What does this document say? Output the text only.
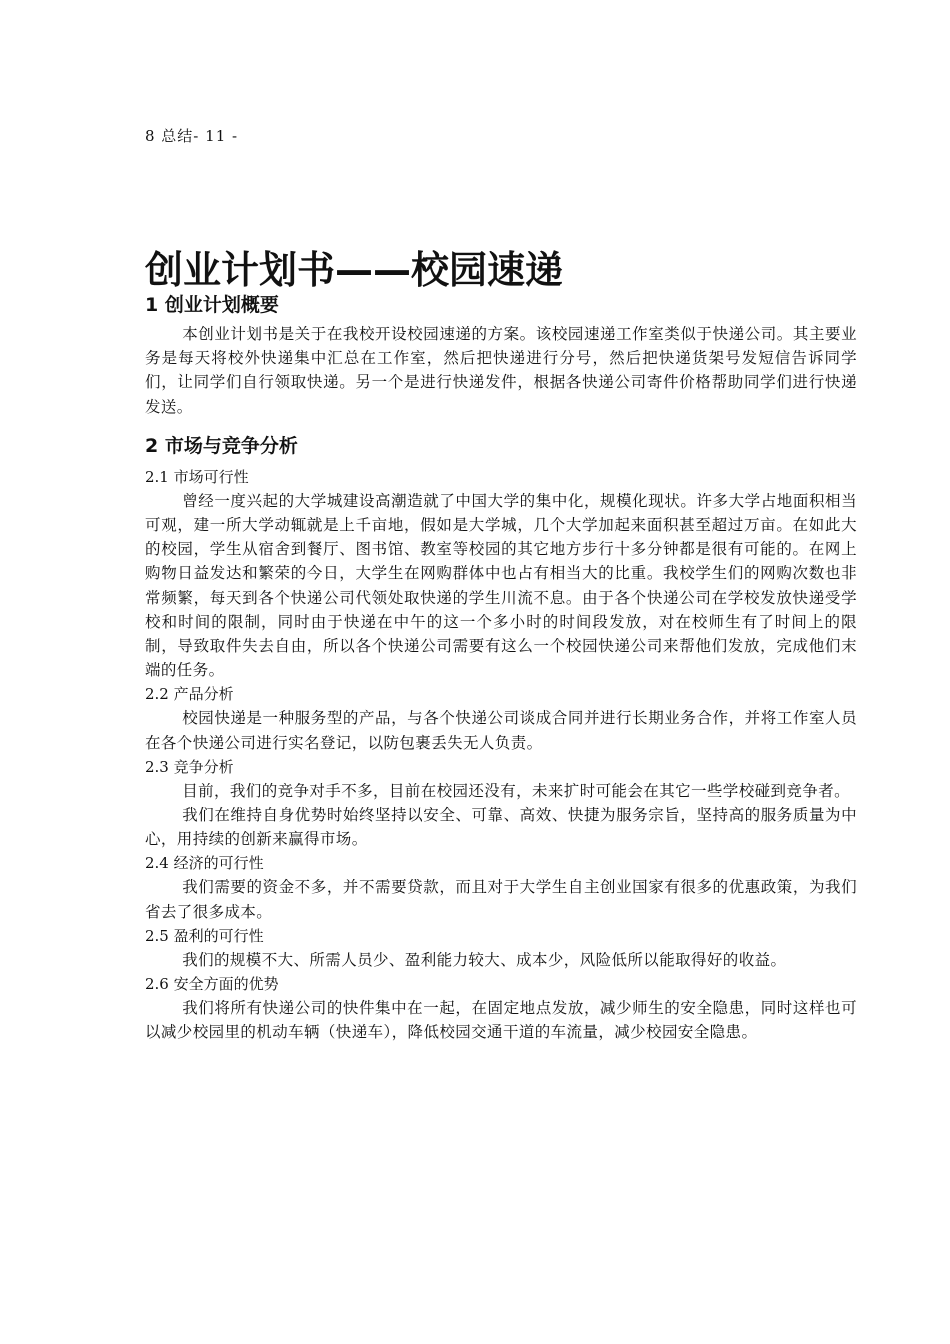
8 总结- 11 -
创业计划书——校园速递
1 创业计划概要

本创业计划书是关于在我校开设校园速递的方案。该校园速递工作室类似于快递公司。其主要业务是每天将校外快递集中汇总在工作室，然后把快递进行分号，然后把快递货架号发短信告诉同学们，让同学们自行领取快递。另一个是进行快递发件，根据各快递公司寄件价格帮助同学们进行快递发送。

2 市场与竞争分析
2.1 市场可行性

曾经一度兴起的大学城建设高潮造就了中国大学的集中化，规模化现状。许多大学占地面积相当可观，建一所大学动辄就是上千亩地，假如是大学城，几个大学加起来面积甚至超过万亩。在如此大的校园，学生从宿舍到餐厅、图书馆、教室等校园的其它地方步行十多分钟都是很有可能的。在网上购物日益发达和繁荣的今日，大学生在网购群体中也占有相当大的比重。我校学生们的网购次数也非常频繁，每天到各个快递公司代领处取快递的学生川流不息。由于各个快递公司在学校发放快递受学校和时间的限制，同时由于快递在中午的这一个多小时的时间段发放，对在校师生有了时间上的限制，导致取件失去自由，所以各个快递公司需要有这么一个校园快递公司来帮他们发放，完成他们末端的任务。

2.2 产品分析

校园快递是一种服务型的产品，与各个快递公司谈成合同并进行长期业务合作，并将工作室人员在各个快递公司进行实名登记，以防包裹丢失无人负责。

2.3 竞争分析

目前，我们的竞争对手不多，目前在校园还没有，未来扩时可能会在其它一些学校碰到竞争者。

我们在维持自身优势时始终坚持以安全、可靠、高效、快捷为服务宗旨，坚持高的服务质量为中心，用持续的创新来赢得市场。

2.4 经济的可行性

我们需要的资金不多，并不需要贷款，而且对于大学生自主创业国家有很多的优惠政策，为我们省去了很多成本。

2.5 盈利的可行性

我们的规模不大、所需人员少、盈利能力较大、成本少，风险低所以能取得好的收益。

2.6 安全方面的优势

我们将所有快递公司的快件集中在一起，在固定地点发放，减少师生的安全隐患，同时这样也可以减少校园里的机动车辆（快递车），降低校园交通干道的车流量，减少校园安全隐患。
